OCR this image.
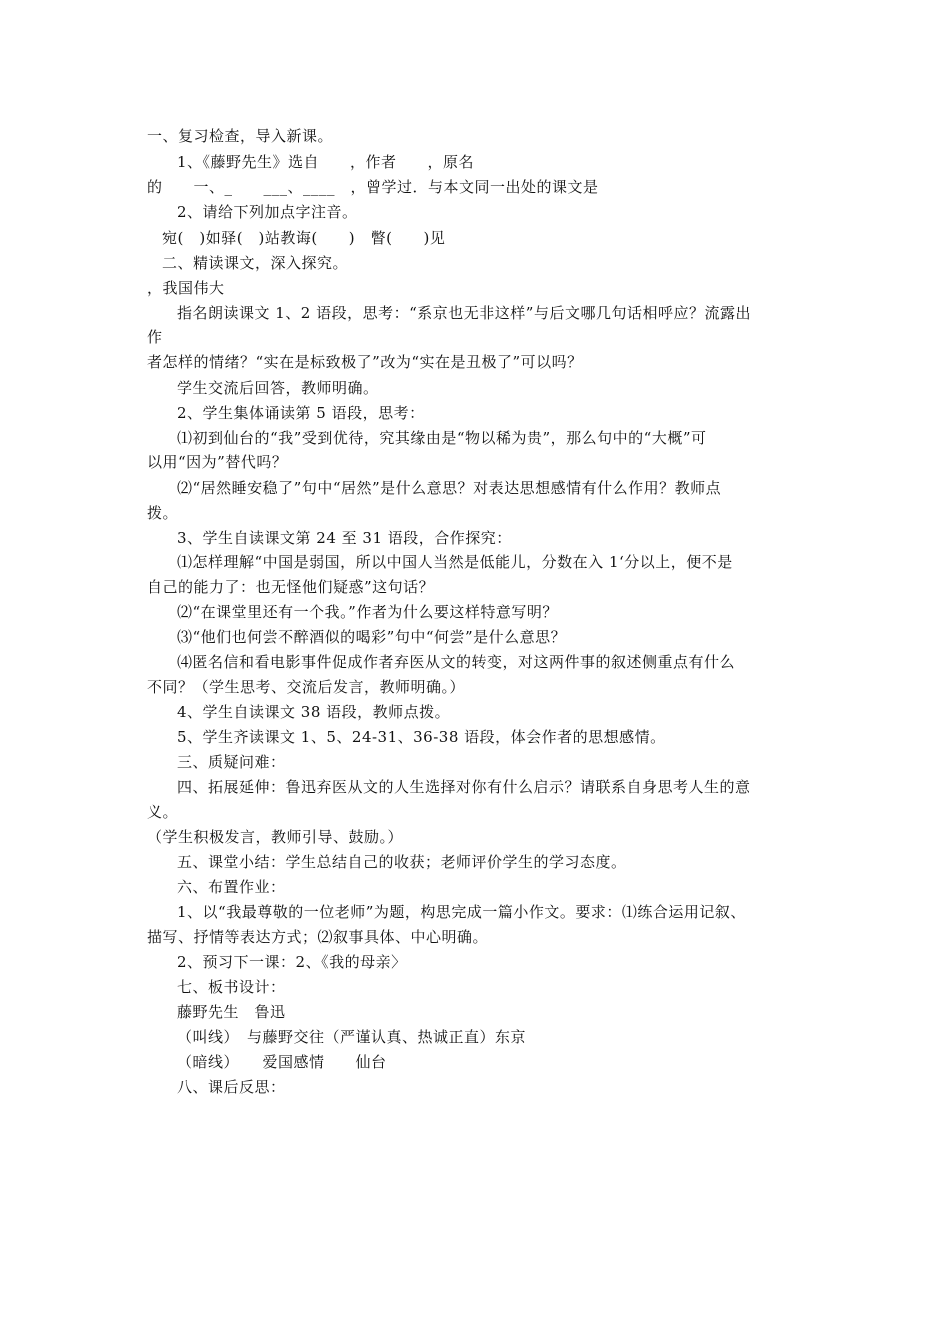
一、复习检查，导入新课。
1、《藤野先生》选自　　，作者　　，原名
的　　一、_　　___、____　，曾学过．与本文同一出处的课文是
2、请给下列加点字注音。
宛(　)如驿(　)站教诲(　　)　瞥(　　)见
二、精读课文，深入探究。
，我国伟大
指名朗读课文 1、2 语段，思考：“系京也无非这样”与后文哪几句话相呼应？流露出
作
者怎样的情绪？“实在是标致极了”改为“实在是丑极了”可以吗？
学生交流后回答，教师明确。
2、学生集体诵读第 5 语段，思考：
⑴初到仙台的“我”受到优待，究其缘由是“物以稀为贵”，那么句中的“大概”可
以用“因为”替代吗？
⑵“居然睡安稳了”句中“居然”是什么意思？对表达思想感情有什么作用？教师点
拨。
3、学生自读课文第 24 至 31 语段，合作探究：
⑴怎样理解“中国是弱国，所以中国人当然是低能儿，分数在入 1‘分以上，便不是
自己的能力了：也无怪他们疑惑”这句话？
⑵“在课堂里还有一个我。”作者为什么要这样特意写明？
⑶“他们也何尝不醉酒似的喝彩”句中“何尝”是什么意思？
⑷匿名信和看电影事件促成作者弃医从文的转变，对这两件事的叙述侧重点有什么
不同？（学生思考、交流后发言，教师明确。）
4、学生自读课文 38 语段，教师点拨。
5、学生齐读课文 1、5、24-31、36-38 语段，体会作者的思想感情。
三、质疑问难：
四、拓展延伸：鲁迅弃医从文的人生选择对你有什么启示？请联系自身思考人生的意
义。
（学生积极发言，教师引导、鼓励。）
五、课堂小结：学生总结自己的收获；老师评价学生的学习态度。
六、布置作业：
1、以“我最尊敬的一位老师”为题，构思完成一篇小作文。要求：⑴练合运用记叙、
描写、抒情等表达方式；⑵叙事具体、中心明确。
2、预习下一课：2、《我的母亲〉
七、板书设计：
藤野先生　鲁迅
（叫线）　与藤野交往（严谨认真、热诚正直）东京
（暗线）　　爱国感情　　仙台
八、课后反思：
